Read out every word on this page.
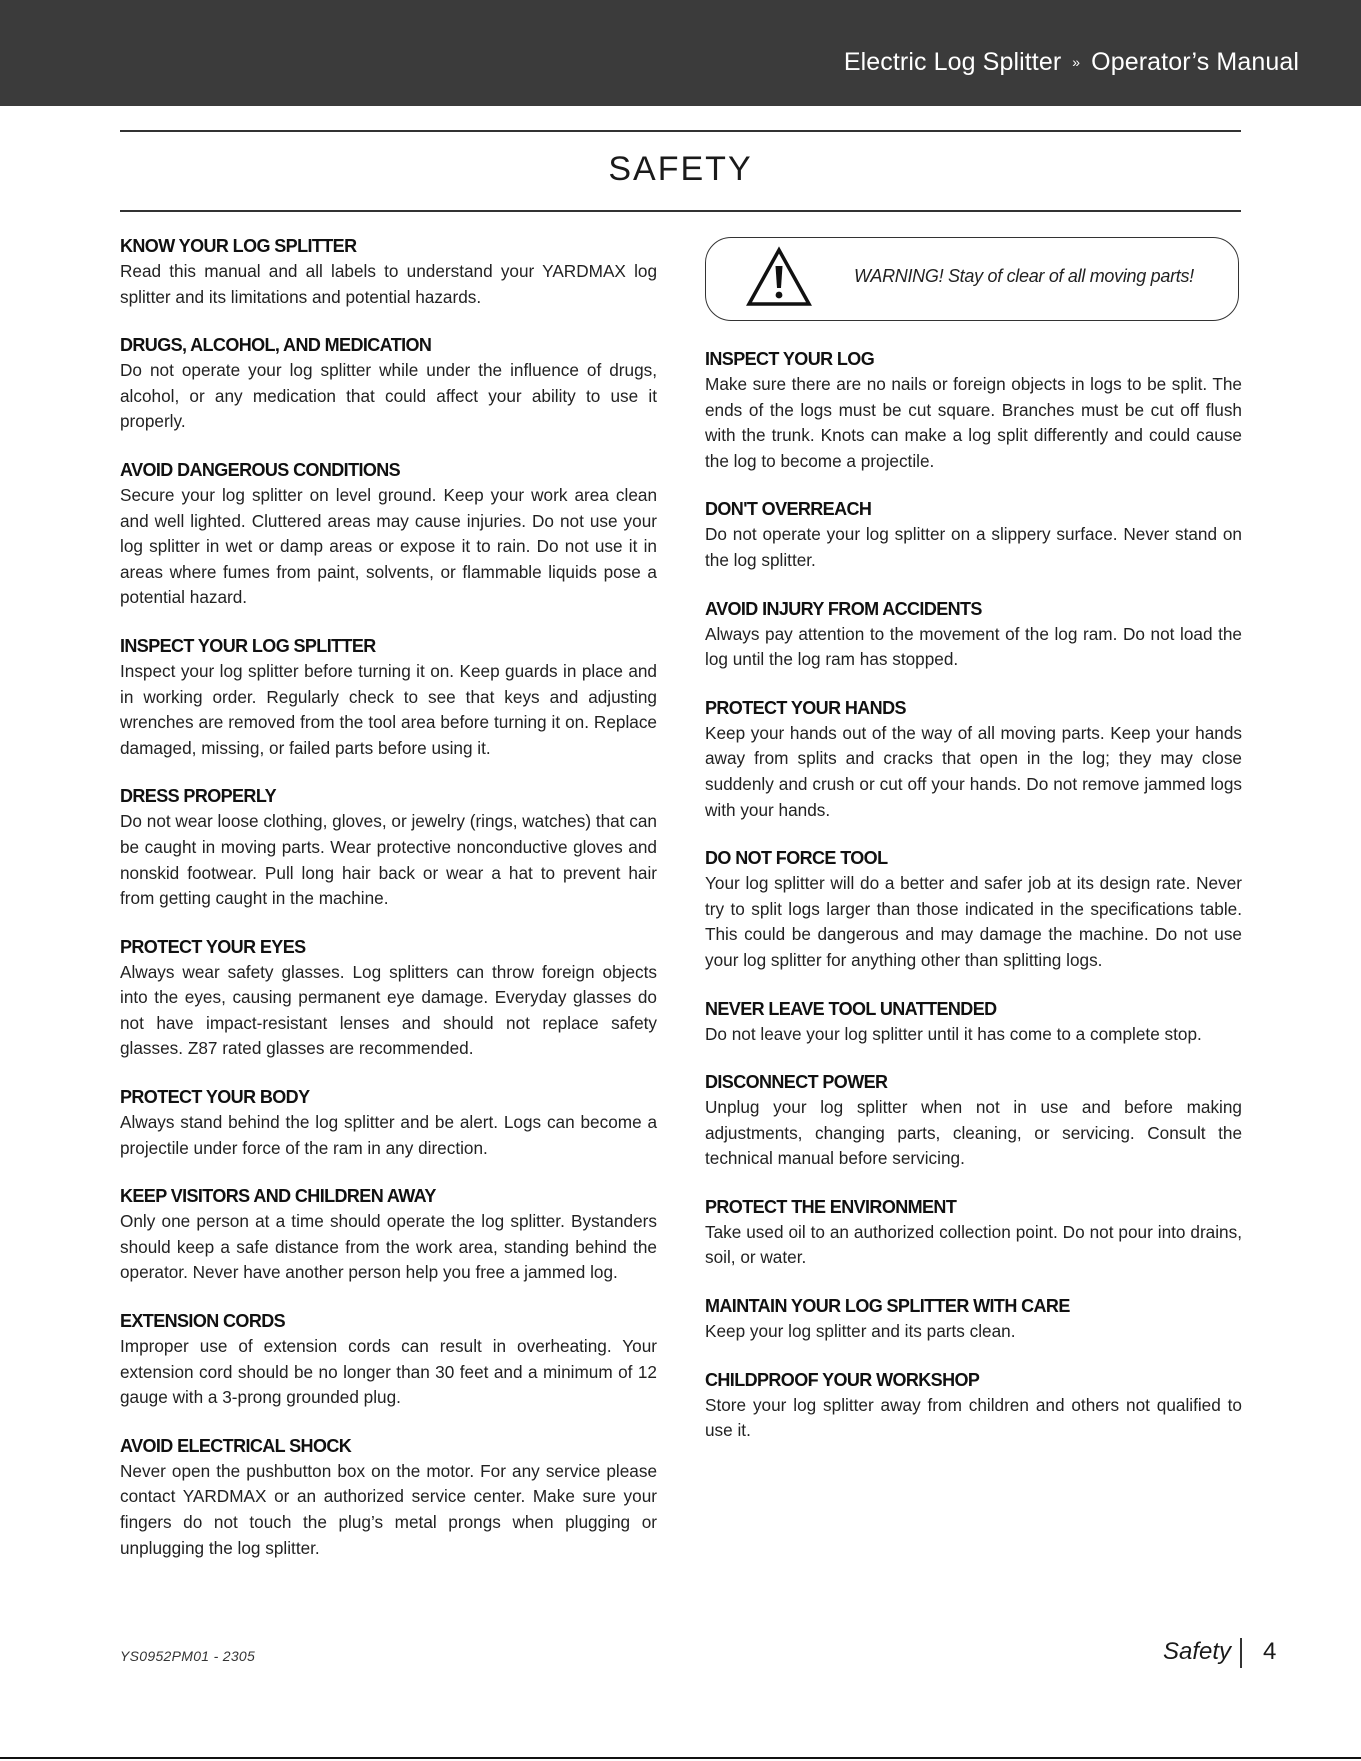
Electric Log Splitter » Operator’s Manual
SAFETY
KNOW YOUR LOG SPLITTER
Read this manual and all labels to understand your YARDMAX log splitter and its limitations and potential hazards.
DRUGS, ALCOHOL, AND MEDICATION
Do not operate your log splitter while under the influence of drugs, alcohol, or any medication that could affect your ability to use it properly.
AVOID DANGEROUS CONDITIONS
Secure your log splitter on level ground. Keep your work area clean and well lighted. Cluttered areas may cause injuries. Do not use your log splitter in wet or damp areas or expose it to rain. Do not use it in areas where fumes from paint, solvents, or flammable liquids pose a potential hazard.
INSPECT YOUR LOG SPLITTER
Inspect your log splitter before turning it on. Keep guards in place and in working order. Regularly check to see that keys and adjusting wrenches are removed from the tool area before turning it on. Replace damaged, missing, or failed parts before using it.
DRESS PROPERLY
Do not wear loose clothing, gloves, or jewelry (rings, watches) that can be caught in moving parts. Wear protective nonconductive gloves and nonskid footwear. Pull long hair back or wear a hat to prevent hair from getting caught in the machine.
PROTECT YOUR EYES
Always wear safety glasses. Log splitters can throw foreign objects into the eyes, causing permanent eye damage. Everyday glasses do not have impact-resistant lenses and should not replace safety glasses. Z87 rated glasses are recommended.
PROTECT YOUR BODY
Always stand behind the log splitter and be alert. Logs can become a projectile under force of the ram in any direction.
KEEP VISITORS AND CHILDREN AWAY
Only one person at a time should operate the log splitter. Bystanders should keep a safe distance from the work area, standing behind the operator. Never have another person help you free a jammed log.
EXTENSION CORDS
Improper use of extension cords can result in overheating. Your extension cord should be no longer than 30 feet and a minimum of 12 gauge with a 3-prong grounded plug.
AVOID ELECTRICAL SHOCK
Never open the pushbutton box on the motor. For any service please contact YARDMAX or an authorized service center. Make sure your fingers do not touch the plug’s metal prongs when plugging or unplugging the log splitter.
WARNING! Stay of clear of all moving parts!
INSPECT YOUR LOG
Make sure there are no nails or foreign objects in logs to be split. The ends of the logs must be cut square. Branches must be cut off flush with the trunk. Knots can make a log split differently and could cause the log to become a projectile.
DON'T OVERREACH
Do not operate your log splitter on a slippery surface. Never stand on the log splitter.
AVOID INJURY FROM ACCIDENTS
Always pay attention to the movement of the log ram. Do not load the log until the log ram has stopped.
PROTECT YOUR HANDS
Keep your hands out of the way of all moving parts. Keep your hands away from splits and cracks that open in the log; they may close suddenly and crush or cut off your hands. Do not remove jammed logs with your hands.
DO NOT FORCE TOOL
Your log splitter will do a better and safer job at its design rate. Never try to split logs larger than those indicated in the specifications table. This could be dangerous and may damage the machine. Do not use your log splitter for anything other than splitting logs.
NEVER LEAVE TOOL UNATTENDED
Do not leave your log splitter until it has come to a complete stop.
DISCONNECT POWER
Unplug your log splitter when not in use and before making adjustments, changing parts, cleaning, or servicing. Consult the technical manual before servicing.
PROTECT THE ENVIRONMENT
Take used oil to an authorized collection point. Do not pour into drains, soil, or water.
MAINTAIN YOUR LOG SPLITTER WITH CARE
Keep your log splitter and its parts clean.
CHILDPROOF YOUR WORKSHOP
Store your log splitter away from children and others not qualified to use it.
YS0952PM01 - 2305	Safety 4
